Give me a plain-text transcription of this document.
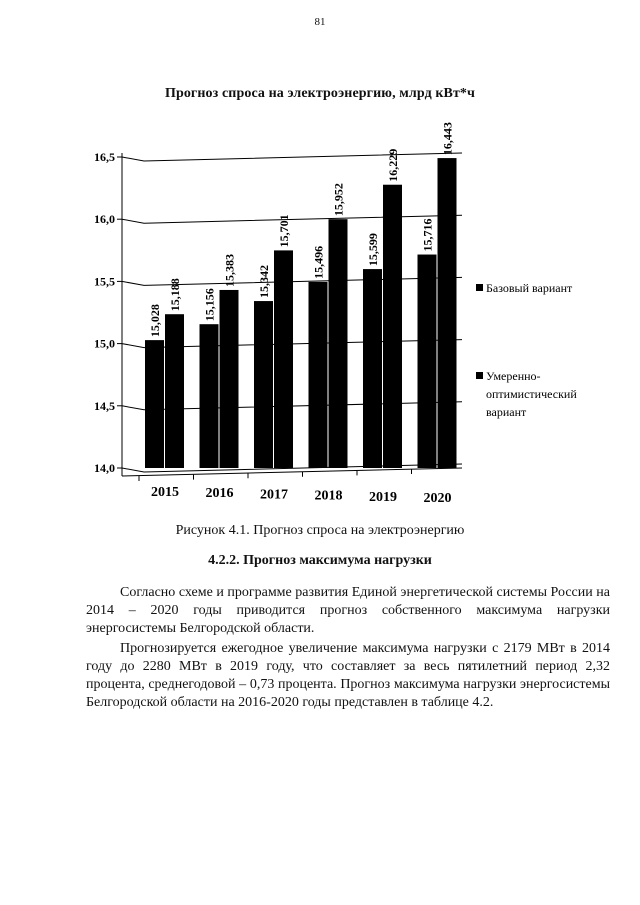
81
Прогноз спроса на электроэнергию, млрд кВт*ч
14,0
14,5
15,0
15,5
16,0
16,5
15,028
15,188
2015
15,156
15,383
2016
15,342
15,701
2017
15,496
15,952
2018
15,599
16,229
2019
15,716
16,443
2020
Базовый вариант
Умеренно-
оптимистический
вариант
Рисунок 4.1. Прогноз спроса на электроэнергию
4.2.2. Прогноз максимума нагрузки

Согласно схеме и программе развития Единой энергетической системы России на 2014 – 2020 годы приводится прогноз собственного максимума нагрузки энергосистемы Белгородской области.

Прогнозируется ежегодное увеличение максимума нагрузки с 2179 МВт в 2014 году до 2280 МВт в 2019 году, что составляет за весь пятилетний период 2,32 процента, среднегодовой – 0,73 процента. Прогноз максимума нагрузки энергосистемы Белгородской области на 2016-2020 годы представлен в таблице 4.2.
